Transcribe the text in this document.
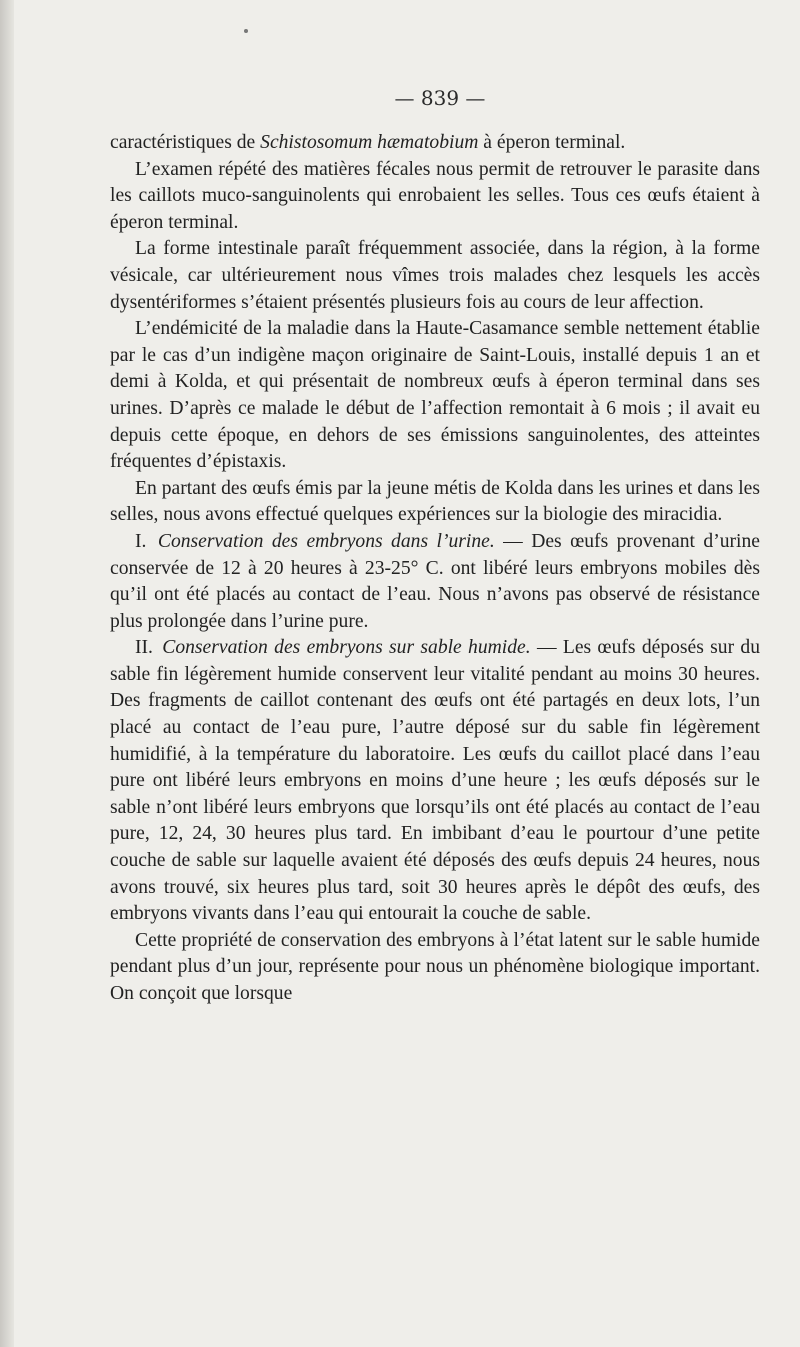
— 839 —

caractéristiques de Schistosomum hæmatobium à éperon terminal.

L’examen répété des matières fécales nous permit de retrouver le parasite dans les caillots muco-sanguinolents qui enrobaient les selles. Tous ces œufs étaient à éperon terminal.

La forme intestinale paraît fréquemment associée, dans la région, à la forme vésicale, car ultérieurement nous vîmes trois malades chez lesquels les accès dysentériformes s’étaient présentés plusieurs fois au cours de leur affection.

L’endémicité de la maladie dans la Haute-Casamance semble nettement établie par le cas d’un indigène maçon originaire de Saint-Louis, installé depuis 1 an et demi à Kolda, et qui présentait de nombreux œufs à éperon terminal dans ses urines. D’après ce malade le début de l’affection remontait à 6 mois ; il avait eu depuis cette époque, en dehors de ses émissions sanguinolentes, des atteintes fréquentes d’épistaxis.

En partant des œufs émis par la jeune métis de Kolda dans les urines et dans les selles, nous avons effectué quelques expériences sur la biologie des miracidia.

I. Conservation des embryons dans l’urine. — Des œufs provenant d’urine conservée de 12 à 20 heures à 23-25° C. ont libéré leurs embryons mobiles dès qu’il ont été placés au contact de l’eau. Nous n’avons pas observé de résistance plus prolongée dans l’urine pure.

II. Conservation des embryons sur sable humide. — Les œufs déposés sur du sable fin légèrement humide conservent leur vitalité pendant au moins 30 heures. Des fragments de caillot contenant des œufs ont été partagés en deux lots, l’un placé au contact de l’eau pure, l’autre déposé sur du sable fin légèrement humidifié, à la température du laboratoire. Les œufs du caillot placé dans l’eau pure ont libéré leurs embryons en moins d’une heure ; les œufs déposés sur le sable n’ont libéré leurs embryons que lorsqu’ils ont été placés au contact de l’eau pure, 12, 24, 30 heures plus tard. En imbibant d’eau le pourtour d’une petite couche de sable sur laquelle avaient été déposés des œufs depuis 24 heures, nous avons trouvé, six heures plus tard, soit 30 heures après le dépôt des œufs, des embryons vivants dans l’eau qui entourait la couche de sable.

Cette propriété de conservation des embryons à l’état latent sur le sable humide pendant plus d’un jour, représente pour nous un phénomène biologique important. On conçoit que lorsque
